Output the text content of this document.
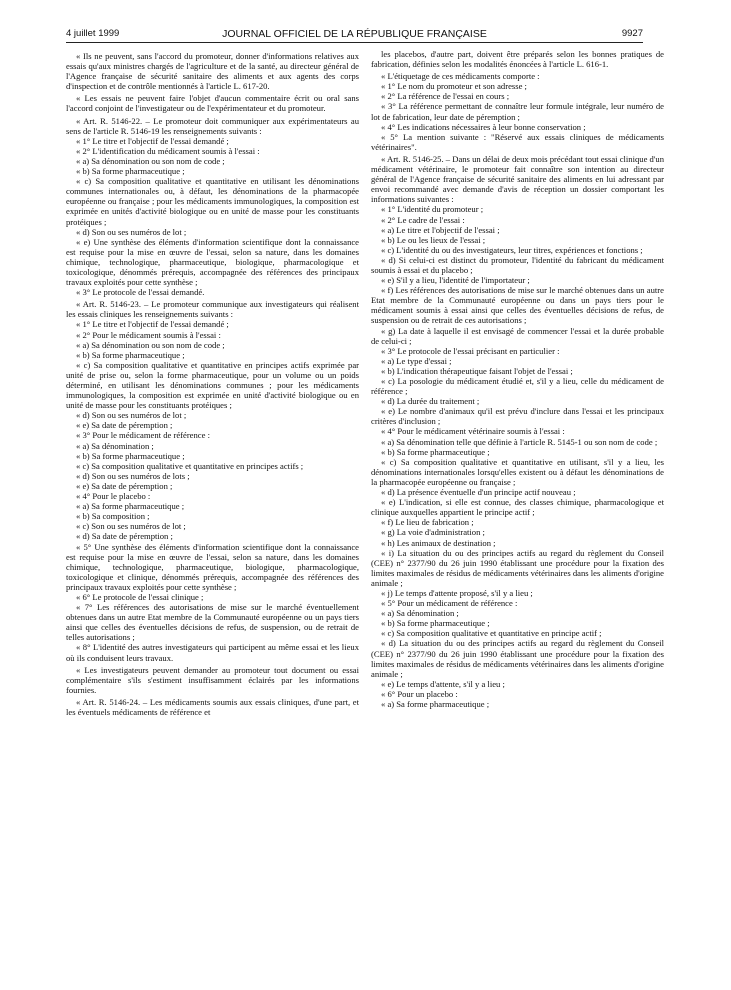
4 juillet 1999	JOURNAL OFFICIEL DE LA RÉPUBLIQUE FRANÇAISE	9927

« Ils ne peuvent, sans l'accord du promoteur, donner d'informations relatives aux essais qu'aux ministres chargés de l'agriculture et de la santé, au directeur général de l'Agence française de sécurité sanitaire des aliments et aux agents des corps d'inspection et de contrôle mentionnés à l'article L. 617-20.

« Les essais ne peuvent faire l'objet d'aucun commentaire écrit ou oral sans l'accord conjoint de l'investigateur ou de l'expérimentateur et du promoteur.

« Art. R. 5146-22. – Le promoteur doit communiquer aux expérimentateurs au sens de l'article R. 5146-19 les renseignements suivants :

« 1° Le titre et l'objectif de l'essai demandé ;

« 2° L'identification du médicament soumis à l'essai :

« a) Sa dénomination ou son nom de code ;

« b) Sa forme pharmaceutique ;

« c) Sa composition qualitative et quantitative en utilisant les dénominations communes internationales ou, à défaut, les dénominations de la pharmacopée européenne ou française ; pour les médicaments immunologiques, la composition est exprimée en unités d'activité biologique ou en unité de masse pour les constituants protéiques ;

« d) Son ou ses numéros de lot ;

« e) Une synthèse des éléments d'information scientifique dont la connaissance est requise pour la mise en œuvre de l'essai, selon sa nature, dans les domaines chimique, technologique, pharmaceutique, biologique, pharmacologique et toxicologique, dénommés prérequis, accompagnée des références des principaux travaux exploités pour cette synthèse ;

« 3° Le protocole de l'essai demandé.

« Art. R. 5146-23. – Le promoteur communique aux investigateurs qui réalisent les essais cliniques les renseignements suivants :

« 1° Le titre et l'objectif de l'essai demandé ;

« 2° Pour le médicament soumis à l'essai :

« a) Sa dénomination ou son nom de code ;

« b) Sa forme pharmaceutique ;

« c) Sa composition qualitative et quantitative en principes actifs exprimée par unité de prise ou, selon la forme pharmaceutique, pour un volume ou un poids déterminé, en utilisant les dénominations communes ; pour les médicaments immunologiques, la composition est exprimée en unité d'activité biologique ou en unité de masse pour les constituants protéiques ;

« d) Son ou ses numéros de lot ;

« e) Sa date de péremption ;

« 3° Pour le médicament de référence :

« a) Sa dénomination ;

« b) Sa forme pharmaceutique ;

« c) Sa composition qualitative et quantitative en principes actifs ;

« d) Son ou ses numéros de lots ;

« e) Sa date de péremption ;

« 4° Pour le placebo :

« a) Sa forme pharmaceutique ;

« b) Sa composition ;

« c) Son ou ses numéros de lot ;

« d) Sa date de péremption ;

« 5° Une synthèse des éléments d'information scientifique dont la connaissance est requise pour la mise en œuvre de l'essai, selon sa nature, dans les domaines chimique, technologique, pharmaceutique, biologique, pharmacologique, toxicologique et clinique, dénommés prérequis, accompagnée des références des principaux travaux exploités pour cette synthèse ;

« 6° Le protocole de l'essai clinique ;

« 7° Les références des autorisations de mise sur le marché éventuellement obtenues dans un autre Etat membre de la Communauté européenne ou un pays tiers ainsi que celles des éventuelles décisions de refus, de suspension, ou de retrait de telles autorisations ;

« 8° L'identité des autres investigateurs qui participent au même essai et les lieux où ils conduisent leurs travaux.

« Les investigateurs peuvent demander au promoteur tout document ou essai complémentaire s'ils s'estiment insuffisamment éclairés par les informations fournies.

« Art. R. 5146-24. – Les médicaments soumis aux essais cliniques, d'une part, et les éventuels médicaments de référence et

les placebos, d'autre part, doivent être préparés selon les bonnes pratiques de fabrication, définies selon les modalités énoncées à l'article L. 616-1.

« L'étiquetage de ces médicaments comporte :

« 1° Le nom du promoteur et son adresse ;

« 2° La référence de l'essai en cours ;

« 3° La référence permettant de connaître leur formule intégrale, leur numéro de lot de fabrication, leur date de péremption ;

« 4° Les indications nécessaires à leur bonne conservation ;

« 5° La mention suivante : "Réservé aux essais cliniques de médicaments vétérinaires".

« Art. R. 5146-25. – Dans un délai de deux mois précédant tout essai clinique d'un médicament vétérinaire, le promoteur fait connaître son intention au directeur général de l'Agence française de sécurité sanitaire des aliments en lui adressant par envoi recommandé avec demande d'avis de réception un dossier comportant les informations suivantes :

« 1° L'identité du promoteur ;

« 2° Le cadre de l'essai :

« a) Le titre et l'objectif de l'essai ;

« b) Le ou les lieux de l'essai ;

« c) L'identité du ou des investigateurs, leur titres, expériences et fonctions ;

« d) Si celui-ci est distinct du promoteur, l'identité du fabricant du médicament soumis à essai et du placebo ;

« e) S'il y a lieu, l'identité de l'importateur ;

« f) Les références des autorisations de mise sur le marché obtenues dans un autre Etat membre de la Communauté européenne ou dans un pays tiers pour le médicament soumis à essai ainsi que celles des éventuelles décisions de refus, de suspension ou de retrait de ces autorisations ;

« g) La date à laquelle il est envisagé de commencer l'essai et la durée probable de celui-ci ;

« 3° Le protocole de l'essai précisant en particulier :

« a) Le type d'essai ;

« b) L'indication thérapeutique faisant l'objet de l'essai ;

« c) La posologie du médicament étudié et, s'il y a lieu, celle du médicament de référence ;

« d) La durée du traitement ;

« e) Le nombre d'animaux qu'il est prévu d'inclure dans l'essai et les principaux critères d'inclusion ;

« 4° Pour le médicament vétérinaire soumis à l'essai :

« a) Sa dénomination telle que définie à l'article R. 5145-1 ou son nom de code ;

« b) Sa forme pharmaceutique ;

« c) Sa composition qualitative et quantitative en utilisant, s'il y a lieu, les dénominations internationales lorsqu'elles existent ou à défaut les dénominations de la pharmacopée européenne ou française ;

« d) La présence éventuelle d'un principe actif nouveau ;

« e) L'indication, si elle est connue, des classes chimique, pharmacologique et clinique auxquelles appartient le principe actif ;

« f) Le lieu de fabrication ;

« g) La voie d'administration ;

« h) Les animaux de destination ;

« i) La situation du ou des principes actifs au regard du règlement du Conseil (CEE) n° 2377/90 du 26 juin 1990 établissant une procédure pour la fixation des limites maximales de résidus de médicaments vétérinaires dans les aliments d'origine animale ;

« j) Le temps d'attente proposé, s'il y a lieu ;

« 5° Pour un médicament de référence :

« a) Sa dénomination ;

« b) Sa forme pharmaceutique ;

« c) Sa composition qualitative et quantitative en principe actif ;

« d) La situation du ou des principes actifs au regard du règlement du Conseil (CEE) n° 2377/90 du 26 juin 1990 établissant une procédure pour la fixation des limites maximales de résidus de médicaments vétérinaires dans les aliments d'origine animale ;

« e) Le temps d'attente, s'il y a lieu ;

« 6° Pour un placebo :

« a) Sa forme pharmaceutique ;
